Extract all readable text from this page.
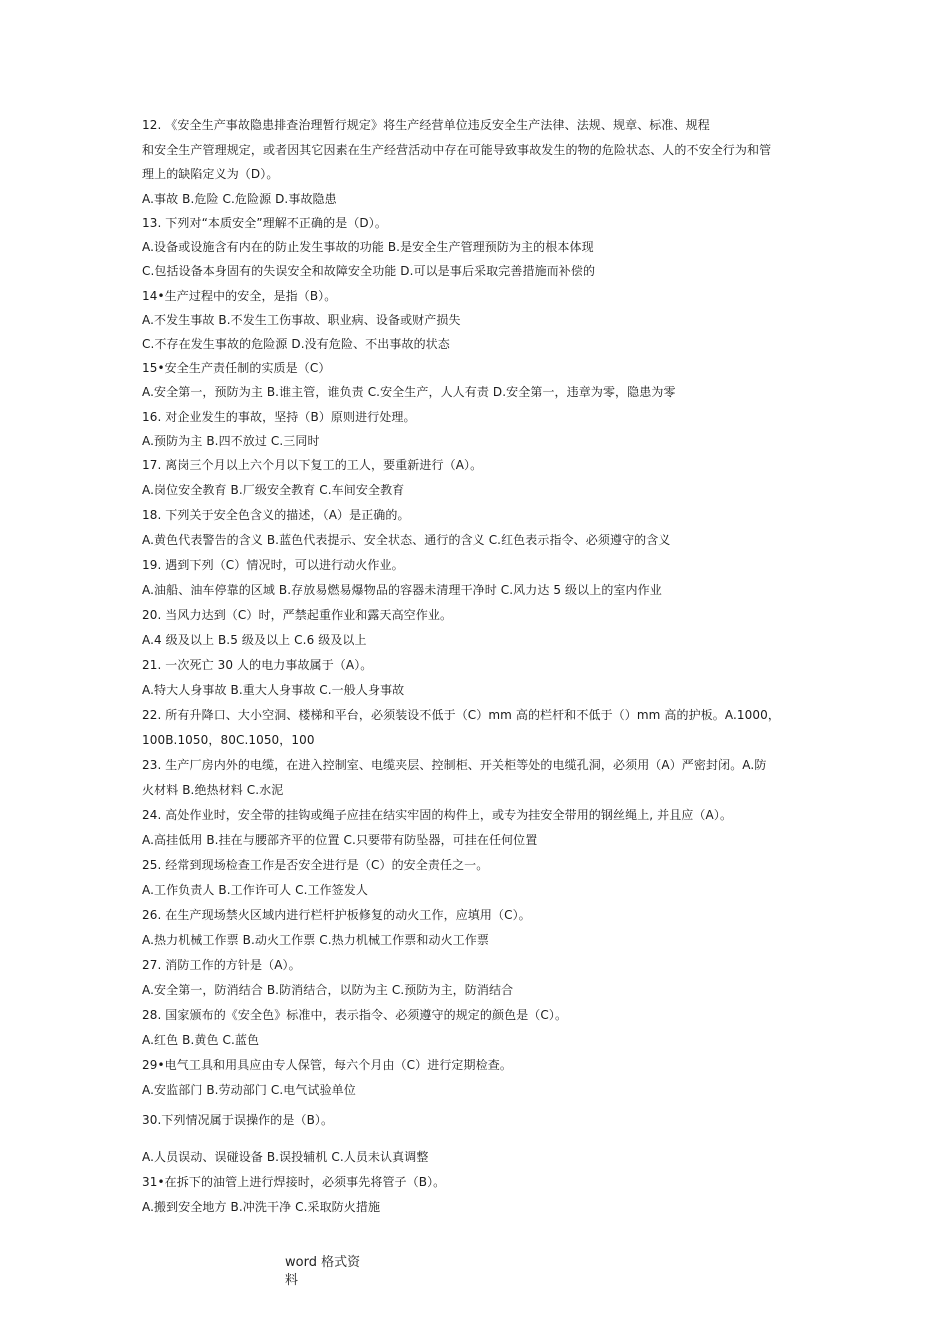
12. 《安全生产事故隐患排查治理暂行规定》将生产经营单位违反安全生产法律、法规、规章、标准、规程
和安全生产管理规定，或者因其它因素在生产经营活动中存在可能导致事故发生的物的危险状态、人的不安全行为和管
理上的缺陷定义为（D）。
A.事故 B.危险 C.危险源 D.事故隐患
13. 下列对“本质安全”理解不正确的是（D）。
A.设备或设施含有内在的防止发生事故的功能 B.是安全生产管理预防为主的根本体现
C.包括设备本身固有的失误安全和故障安全功能 D.可以是事后采取完善措施而补偿的
14•生产过程中的安全，是指（B）。
A.不发生事故 B.不发生工伤事故、职业病、设备或财产损失
C.不存在发生事故的危险源 D.没有危险、不出事故的状态
15•安全生产责任制的实质是（C）
A.安全第一，预防为主 B.谁主管，谁负责 C.安全生产，人人有责 D.安全第一，违章为零，隐患为零
16. 对企业发生的事故，坚持（B）原则进行处理。
A.预防为主 B.四不放过 C.三同时
17. 离岗三个月以上六个月以下复工的工人，要重新进行（A）。
A.岗位安全教育 B.厂级安全教育 C.车间安全教育
18. 下列关于安全色含义的描述，（A）是正确的。
A.黄色代表警告的含义 B.蓝色代表提示、安全状态、通行的含义 C.红色表示指令、必须遵守的含义
19. 遇到下列（C）情况时，可以进行动火作业。
A.油船、油车停靠的区域 B.存放易燃易爆物品的容器未清理干净时 C.风力达 5 级以上的室内作业
20. 当风力达到（C）时，严禁起重作业和露天高空作业。
A.4 级及以上 B.5 级及以上 C.6 级及以上
21. 一次死亡 30 人的电力事故属于（A）。
A.特大人身事故 B.重大人身事故 C.一般人身事故
22. 所有升降口、大小空洞、楼梯和平台，必须装设不低于（C）mm 高的栏杆和不低于（）mm 高的护板。A.1000，
100B.1050，80C.1050，100
23. 生产厂房内外的电缆，在进入控制室、电缆夹层、控制柜、开关柜等处的电缆孔洞，必须用（A）严密封闭。A.防
火材料 B.绝热材料 C.水泥
24. 高处作业时，安全带的挂钩或绳子应挂在结实牢固的构件上，或专为挂安全带用的钢丝绳上, 并且应（A）。
A.高挂低用 B.挂在与腰部齐平的位置 C.只要带有防坠器，可挂在任何位置
25. 经常到现场检查工作是否安全进行是（C）的安全责任之一。
A.工作负责人 B.工作许可人 C.工作签发人
26. 在生产现场禁火区域内进行栏杆护板修复的动火工作，应填用（C）。
A.热力机械工作票 B.动火工作票 C.热力机械工作票和动火工作票
27. 消防工作的方针是（A）。
A.安全第一，防消结合 B.防消结合，以防为主 C.预防为主，防消结合
28. 国家颁布的《安全色》标准中，表示指令、必须遵守的规定的颜色是（C）。
A.红色 B.黄色 C.蓝色
29•电气工具和用具应由专人保管，每六个月由（C）进行定期检查。
A.安监部门 B.劳动部门 C.电气试验单位
30.下列情况属于误操作的是（B）。
A.人员误动、误碰设备 B.误投辅机 C.人员未认真调整
31•在拆下的油管上进行焊接时，必须事先将管子（B）。
A.搬到安全地方 B.冲洗干净 C.采取防火措施
word 格式资
料
